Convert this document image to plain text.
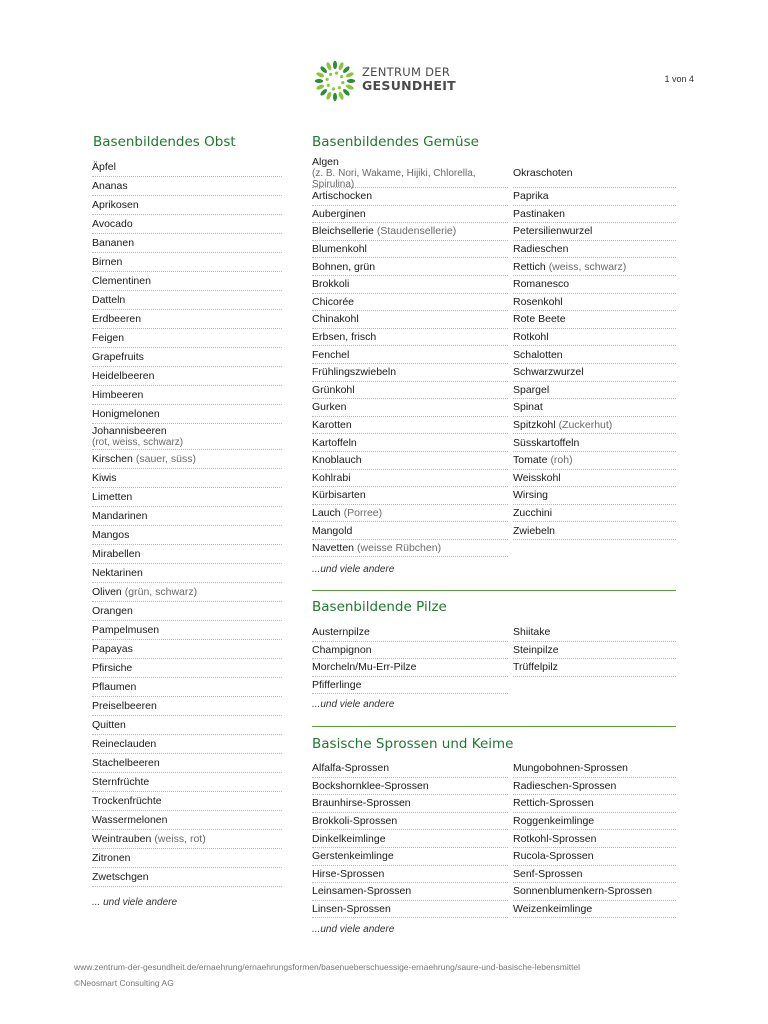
ZENTRUM DER
GESUNDHEIT	1 von 4
Basenbildendes Obst
Äpfel
Ananas
Aprikosen
Avocado
Bananen
Birnen
Clementinen
Datteln
Erdbeeren
Feigen
Grapefruits
Heidelbeeren
Himbeeren
Honigmelonen
Johannisbeeren
(rot, weiss, schwarz)
Kirschen (sauer, süss)
Kiwis
Limetten
Mandarinen
Mangos
Mirabellen
Nektarinen
Oliven (grün, schwarz)
Orangen
Pampelmusen
Papayas
Pfirsiche
Pflaumen
Preiselbeeren
Quitten
Reineclauden
Stachelbeeren
Sternfrüchte
Trockenfrüchte
Wassermelonen
Weintrauben (weiss, rot)
Zitronen
Zwetschgen
... und viele andere
Basenbildendes Gemüse
Algen
(z. B. Nori, Wakame, Hijiki, Chlorella, Spirulina)
Artischocken
Auberginen
Bleichsellerie (Staudensellerie)
Blumenkohl
Bohnen, grün
Brokkoli
Chicorée
Chinakohl
Erbsen, frisch
Fenchel
Frühlingszwiebeln
Grünkohl
Gurken
Karotten
Kartoffeln
Knoblauch
Kohlrabi
Kürbisarten
Lauch (Porree)
Mangold
Navetten (weisse Rübchen)
Okraschoten
Paprika
Pastinaken
Petersilienwurzel
Radieschen
Rettich (weiss, schwarz)
Romanesco
Rosenkohl
Rote Beete
Rotkohl
Schalotten
Schwarzwurzel
Spargel
Spinat
Spitzkohl (Zuckerhut)
Süsskartoffeln
Tomate (roh)
Weisskohl
Wirsing
Zucchini
Zwiebeln
...und viele andere
Basenbildende Pilze
Austernpilze
Champignon
Morcheln/Mu-Err-Pilze
Pfifferlinge
Shiitake
Steinpilze
Trüffelpilz
...und viele andere
Basische Sprossen und Keime
Alfalfa-Sprossen
Bockshornklee-Sprossen
Braunhirse-Sprossen
Brokkoli-Sprossen
Dinkelkeimlinge
Gerstenkeimlinge
Hirse-Sprossen
Leinsamen-Sprossen
Linsen-Sprossen
Mungobohnen-Sprossen
Radieschen-Sprossen
Rettich-Sprossen
Roggenkeimlinge
Rotkohl-Sprossen
Rucola-Sprossen
Senf-Sprossen
Sonnenblumenkern-Sprossen
Weizenkeimlinge
...und viele andere
www.zentrum-der-gesundheit.de/ernaehrung/ernaehrungsformen/basenueberschuessige-ernaehrung/saure-und-basische-lebensmittel
©Neosmart Consulting AG
